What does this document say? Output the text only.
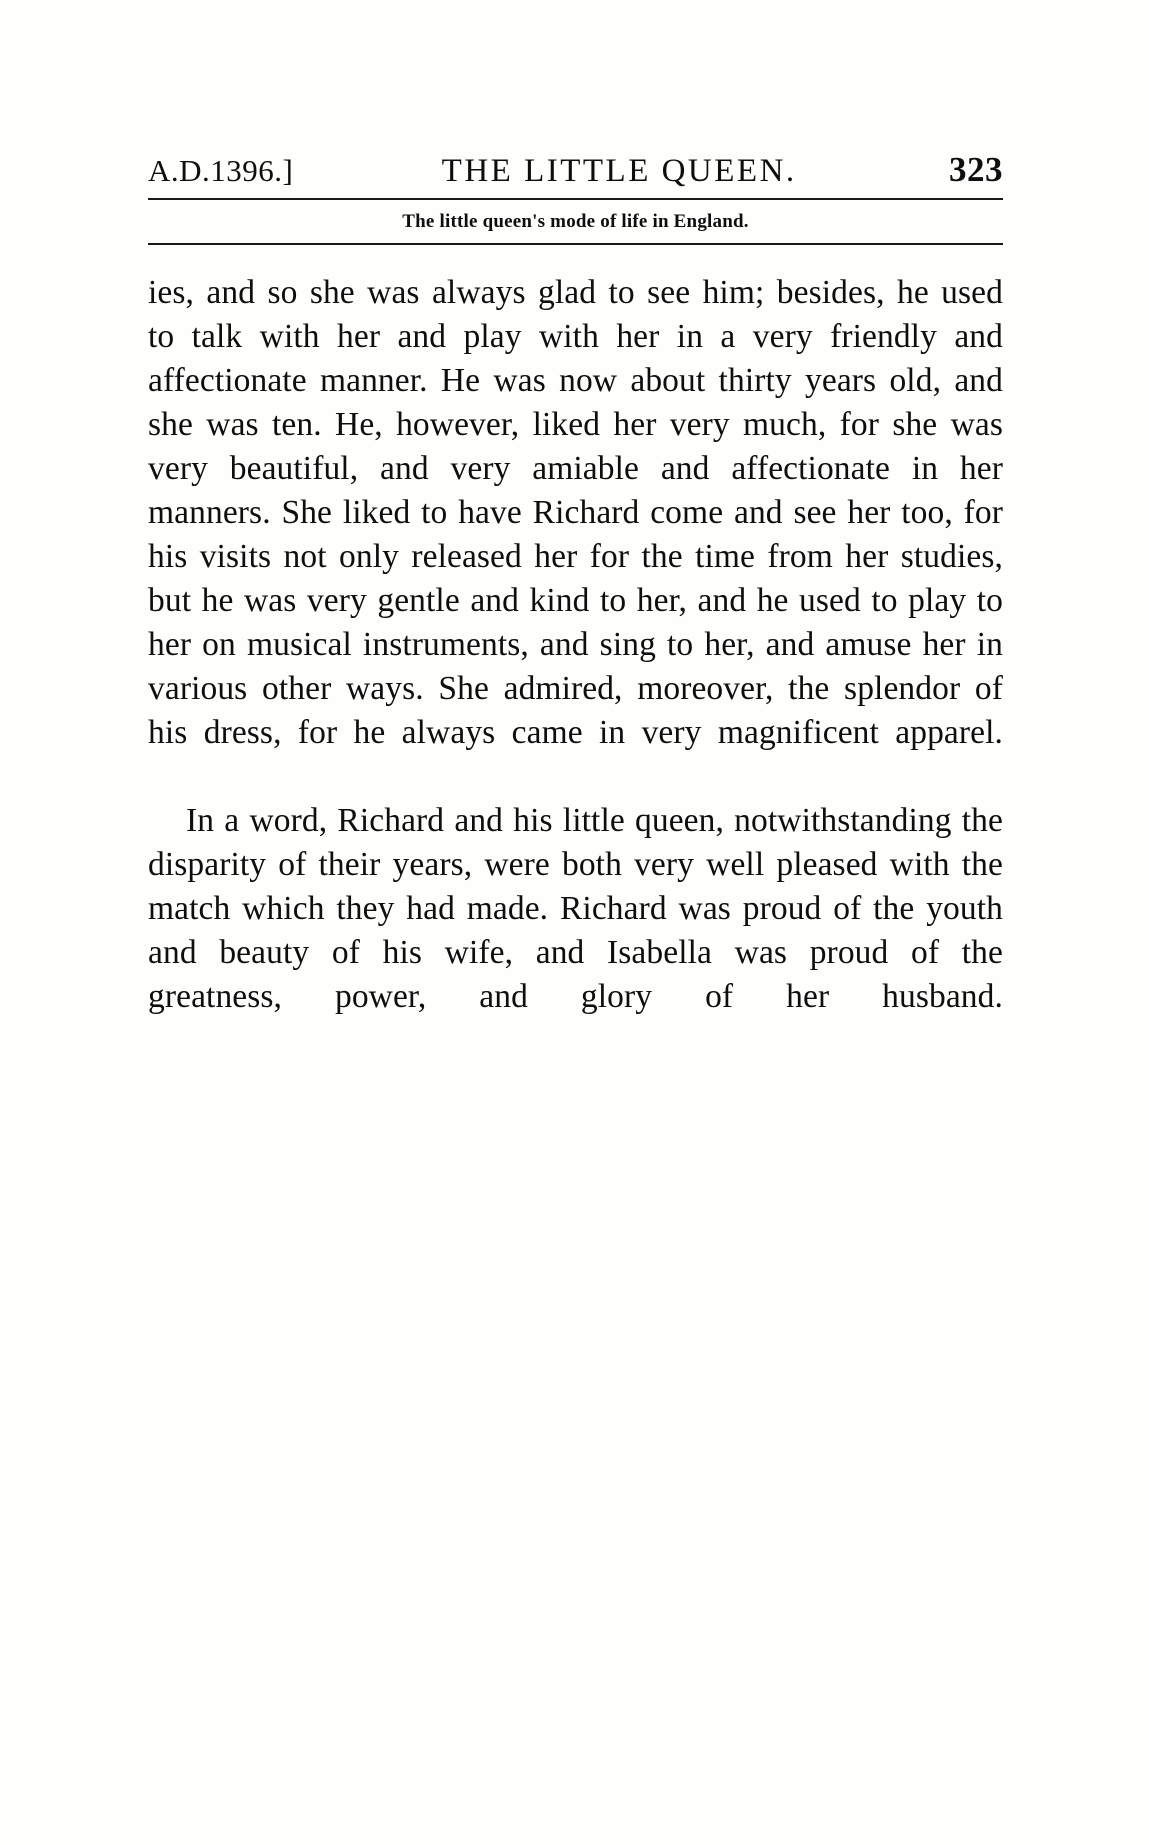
A.D.1396.]	THE LITTLE QUEEN.	323
The little queen's mode of life in England.

ies, and so she was always glad to see him; besides, he used to talk with her and play with her in a very friendly and affectionate manner. He was now about thirty years old, and she was ten. He, however, liked her very much, for she was very beautiful, and very amiable and affectionate in her manners. She liked to have Richard come and see her too, for his visits not only released her for the time from her studies, but he was very gentle and kind to her, and he used to play to her on musical instruments, and sing to her, and amuse her in various other ways. She admired, moreover, the splendor of his dress, for he always came in very magnificent apparel.

In a word, Richard and his little queen, notwithstanding the disparity of their years, were both very well pleased with the match which they had made. Richard was proud of the youth and beauty of his wife, and Isabella was proud of the greatness, power, and glory of her husband.
